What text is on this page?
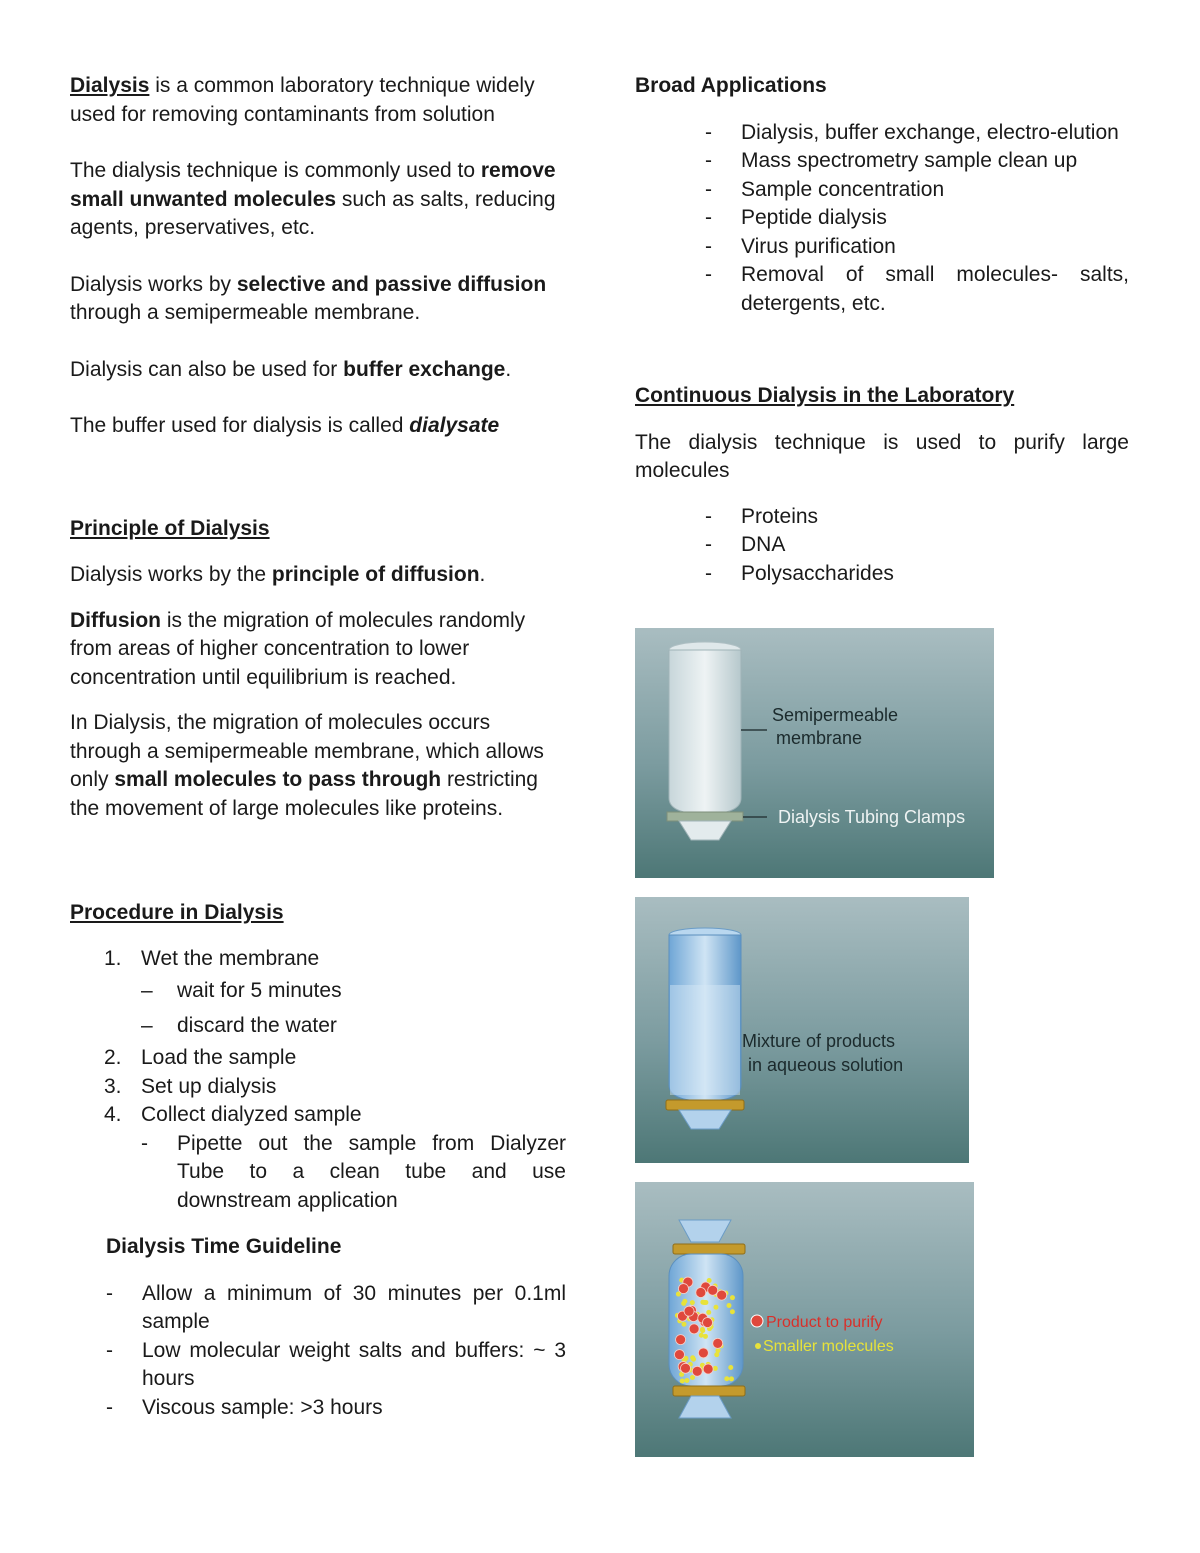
Dialysis is a common laboratory technique widely used for removing contaminants from solution

The dialysis technique is commonly used to remove small unwanted molecules such as salts, reducing agents, preservatives, etc.

Dialysis works by selective and passive diffusion through a semipermeable membrane.

Dialysis can also be used for buffer exchange.

The buffer used for dialysis is called dialysate

Principle of Dialysis

Dialysis works by the principle of diffusion.

Diffusion is the migration of molecules randomly from areas of higher concentration to lower concentration until equilibrium is reached.

In Dialysis, the migration of molecules occurs through a semipermeable membrane, which allows only small molecules to pass through restricting the movement of large molecules like proteins.

Procedure in Dialysis

1. Wet the membrane
– wait for 5 minutes
– discard the water
2. Load the sample
3. Set up dialysis
4. Collect dialyzed sample
- Pipette out the sample from Dialyzer Tube to a clean tube and use downstream application

Dialysis Time Guideline

- Allow a minimum of 30 minutes per 0.1ml sample
- Low molecular weight salts and buffers: ~ 3 hours
- Viscous sample: >3 hours

Broad Applications

- Dialysis, buffer exchange, electro-elution
- Mass spectrometry sample clean up
- Sample concentration
- Peptide dialysis
- Virus purification
- Removal of small molecules- salts, detergents, etc.

Continuous Dialysis in the Laboratory

The dialysis technique is used to purify large molecules

- Proteins
- DNA
- Polysaccharides
Semipermeable
membrane
Dialysis Tubing Clamps
Mixture of products
in aqueous solution
Product to purify
Smaller molecules
